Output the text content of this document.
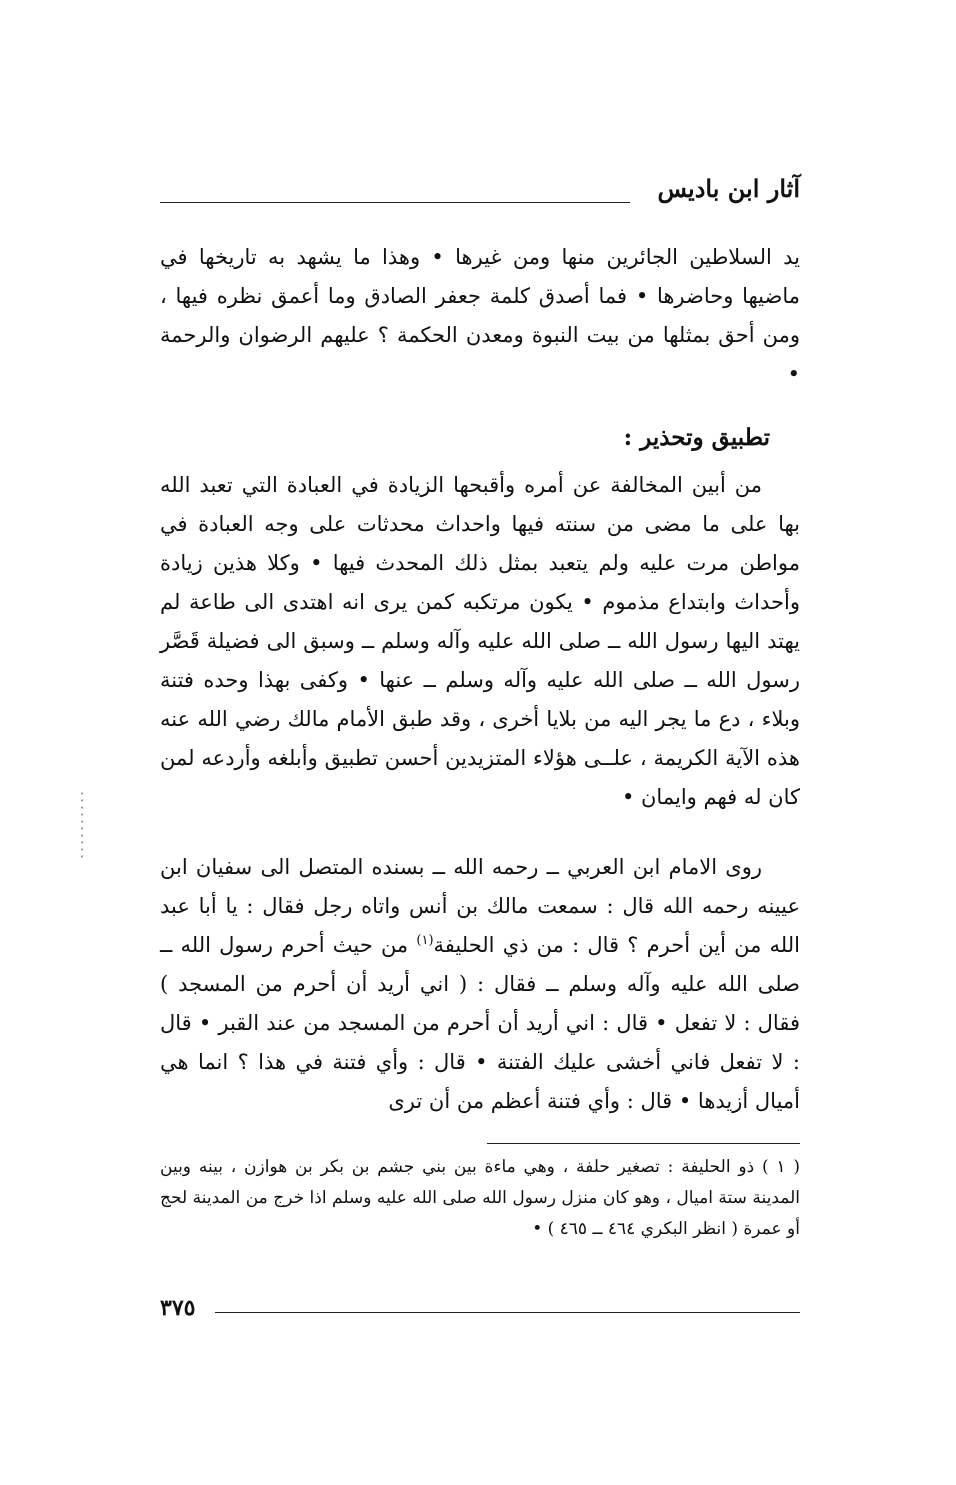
آثار ابن باديس
يد السلاطين الجائرين منها ومن غيرها • وهذا ما يشهد به تاريخها في ماضيها وحاضرها • فما أصدق كلمة جعفر الصادق وما أعمق نظره فيها ، ومن أحق بمثلها من بيت النبوة ومعدن الحكمة ؟ عليهم الرضوان والرحمة •
تطبيق وتحذير :
من أبين المخالفة عن أمره وأقبحها الزيادة في العبادة التي تعبد الله بها على ما مضى من سنته فيها واحداث محدثات على وجه العبادة في مواطن مرت عليه ولم يتعبد بمثل ذلك المحدث فيها • وكلا هذين زيادة وأحداث وابتداع مذموم • يكون مرتكبه كمن يرى انه اهتدى الى طاعة لم يهتد اليها رسول الله ــ صلى الله عليه وآله وسلم ــ وسبق الى فضيلة قَصَّر رسول الله ــ صلى الله عليه وآله وسلم ــ عنها • وكفى بهذا وحده فتنة وبلاء ، دع ما يجر اليه من بلايا أخرى ، وقد طبق الأمام مالك رضي الله عنه هذه الآية الكريمة ، علــى هؤلاء المتزيدين أحسن تطبيق وأبلغه وأردعه لمن كان له فهم وايمان •
روى الامام ابن العربي ــ رحمه الله ــ بسنده المتصل الى سفيان ابن عيينه رحمه الله قال : سمعت مالك بن أنس واتاه رجل فقال : يا أبا عبد الله من أين أحرم ؟ قال : من ذي الحليفة$^{(١)}$ من حيث أحرم رسول الله ــ صلى الله عليه وآله وسلم ــ فقال : ( اني أريد أن أحرم من المسجد ) فقال : لا تفعل • قال : اني أريد أن أحرم من المسجد من عند القبر • قال : لا تفعل فاني أخشى عليك الفتنة • قال : وأي فتنة في هذا ؟ انما هي أميال أزيدها • قال : وأي فتنة أعظم من أن ترى
( ١ ) ذو الحليفة : تصغير حلفة ، وهي ماءة بين بني جشم بن بكر بن هوازن ، بينه وبين المدينة ستة اميال ، وهو كان منزل رسول الله صلى الله عليه وسلم اذا خرج من المدينة لحج أو عمرة ( انظر البكري ٤٦٤ ــ ٤٦٥ ) •
٣٧٥
